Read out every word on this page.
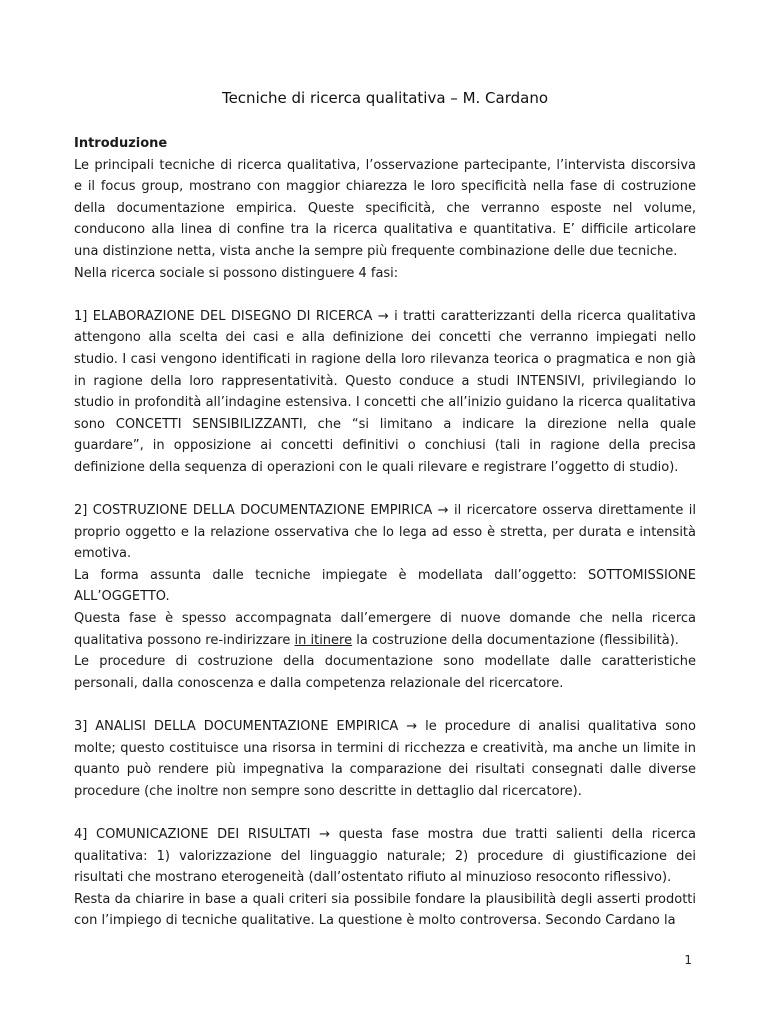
Tecniche di ricerca qualitativa – M. Cardano
Introduzione

Le principali tecniche di ricerca qualitativa, l’osservazione partecipante, l’intervista discorsiva e il focus group, mostrano con maggior chiarezza le loro specificità nella fase di costruzione della documentazione empirica. Queste specificità, che verranno esposte nel volume, conducono alla linea di confine tra la ricerca qualitativa e quantitativa. E’ difficile articolare una distinzione netta, vista anche la sempre più frequente combinazione delle due tecniche.

Nella ricerca sociale si possono distinguere 4 fasi:

1] ELABORAZIONE DEL DISEGNO DI RICERCA → i tratti caratterizzanti della ricerca qualitativa attengono alla scelta dei casi e alla definizione dei concetti che verranno impiegati nello studio. I casi vengono identificati in ragione della loro rilevanza teorica o pragmatica e non già in ragione della loro rappresentatività. Questo conduce a studi INTENSIVI, privilegiando lo studio in profondità all’indagine estensiva. I concetti che all’inizio guidano la ricerca qualitativa sono CONCETTI SENSIBILIZZANTI, che “si limitano a indicare la direzione nella quale guardare”, in opposizione ai concetti definitivi o conchiusi (tali in ragione della precisa definizione della sequenza di operazioni con le quali rilevare e registrare l’oggetto di studio).

2] COSTRUZIONE DELLA DOCUMENTAZIONE EMPIRICA → il ricercatore osserva direttamente il proprio oggetto e la relazione osservativa che lo lega ad esso è stretta, per durata e intensità emotiva.

La forma assunta dalle tecniche impiegate è modellata dall’oggetto: SOTTOMISSIONE ALL’OGGETTO.

Questa fase è spesso accompagnata dall’emergere di nuove domande che nella ricerca qualitativa possono re-indirizzare in itinere la costruzione della documentazione (flessibilità).

Le procedure di costruzione della documentazione sono modellate dalle caratteristiche personali, dalla conoscenza e dalla competenza relazionale del ricercatore.

3] ANALISI DELLA DOCUMENTAZIONE EMPIRICA → le procedure di analisi qualitativa sono molte; questo costituisce una risorsa in termini di ricchezza e creatività, ma anche un limite in quanto può rendere più impegnativa la comparazione dei risultati consegnati dalle diverse procedure (che inoltre non sempre sono descritte in dettaglio dal ricercatore).

4] COMUNICAZIONE DEI RISULTATI → questa fase mostra due tratti salienti della ricerca qualitativa: 1) valorizzazione del linguaggio naturale; 2) procedure di giustificazione dei risultati che mostrano eterogeneità (dall’ostentato rifiuto al minuzioso resoconto riflessivo).

Resta da chiarire in base a quali criteri sia possibile fondare la plausibilità degli asserti prodotti con l’impiego di tecniche qualitative. La questione è molto controversa. Secondo Cardano la

1
